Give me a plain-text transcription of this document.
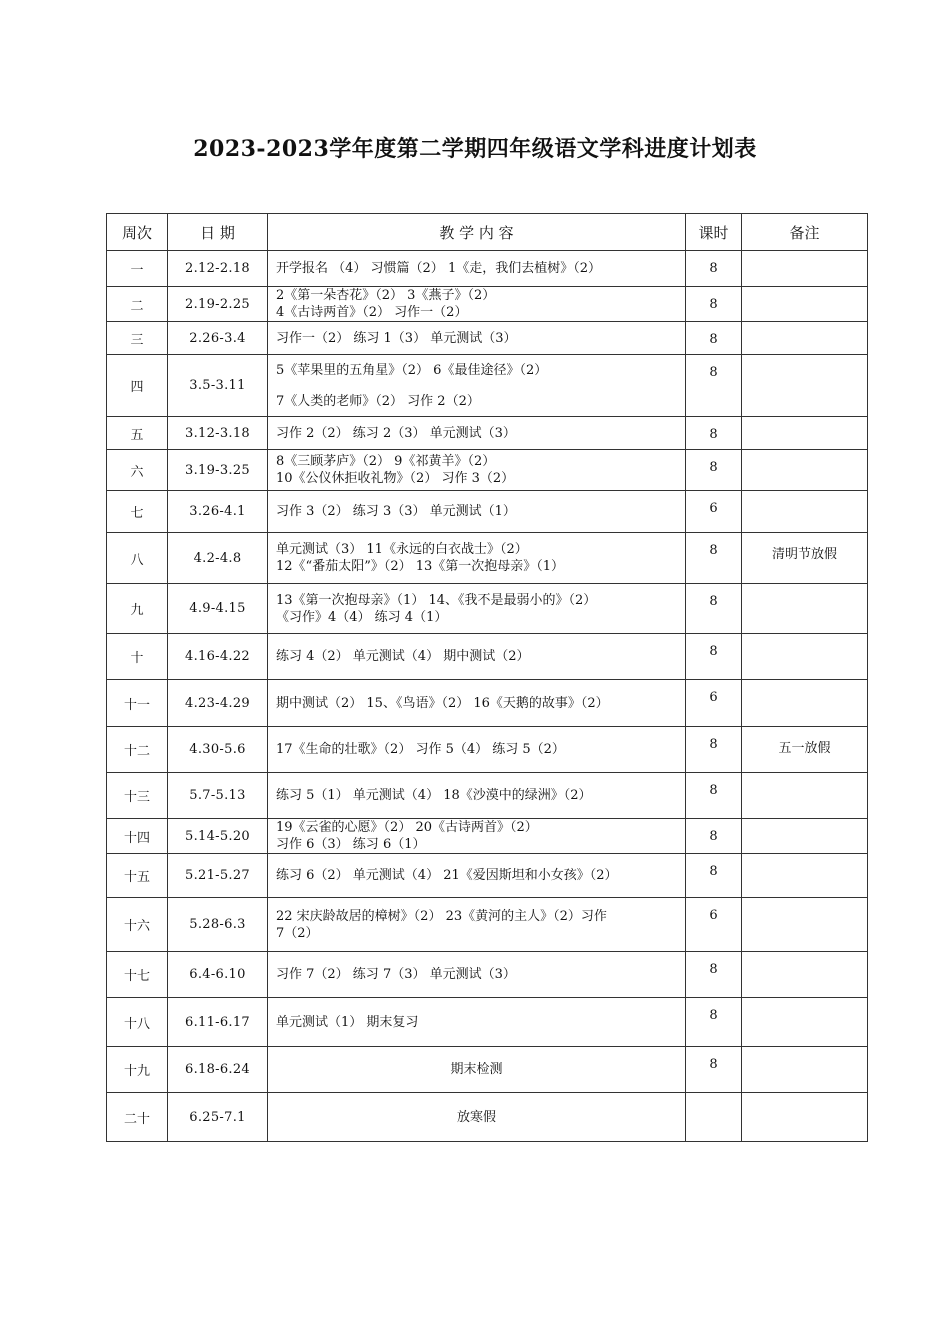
2023-2023学年度第二学期四年级语文学科进度计划表
周次	日 期	教 学 内 容	课时	备注
一	2.12-2.18	开学报名 （4） 习惯篇（2） 1《走，我们去植树》（2）	8	
二	2.19-2.25	2《第一朵杏花》（2） 3《燕子》（2）
4《古诗两首》（2） 习作一（2）	8	
三	2.26-3.4	习作一（2） 练习 1（3） 单元测试（3）	8	
四	3.5-3.11	5《苹果里的五角星》（2） 6《最佳途径》（2）
7《人类的老师》（2） 习作 2（2）	8	
五	3.12-3.18	习作 2（2） 练习 2（3） 单元测试（3）	8	
六	3.19-3.25	8《三顾茅庐》（2） 9《祁黄羊》（2）
10《公仪休拒收礼物》（2） 习作 3（2）	8	
七	3.26-4.1	习作 3（2） 练习 3（3） 单元测试（1）	6	
八	4.2-4.8	单元测试（3） 11《永远的白衣战士》（2）
12《“番茄太阳”》（2） 13《第一次抱母亲》（1）	8	清明节放假
九	4.9-4.15	13《第一次抱母亲》（1） 14、《我不是最弱小的》（2）
《习作》4（4） 练习 4（1）	8	
十	4.16-4.22	练习 4（2） 单元测试（4） 期中测试（2）	8	
十一	4.23-4.29	期中测试（2） 15、《鸟语》（2） 16《天鹅的故事》（2）	6	
十二	4.30-5.6	17《生命的壮歌》（2） 习作 5（4） 练习 5（2）	8	五一放假
十三	5.7-5.13	练习 5（1） 单元测试（4） 18《沙漠中的绿洲》（2）	8	
十四	5.14-5.20	19《云雀的心愿》（2） 20《古诗两首》（2）
习作 6（3） 练习 6（1）	8	
十五	5.21-5.27	练习 6（2） 单元测试（4） 21《爱因斯坦和小女孩》（2）	8	
十六	5.28-6.3	22 宋庆龄故居的樟树》（2） 23《黄河的主人》（2）习作
7（2）	6	
十七	6.4-6.10	习作 7（2） 练习 7（3） 单元测试（3）	8	
十八	6.11-6.17	单元测试（1） 期末复习	8	
十九	6.18-6.24	期末检测	8	
二十	6.25-7.1	放寒假		
